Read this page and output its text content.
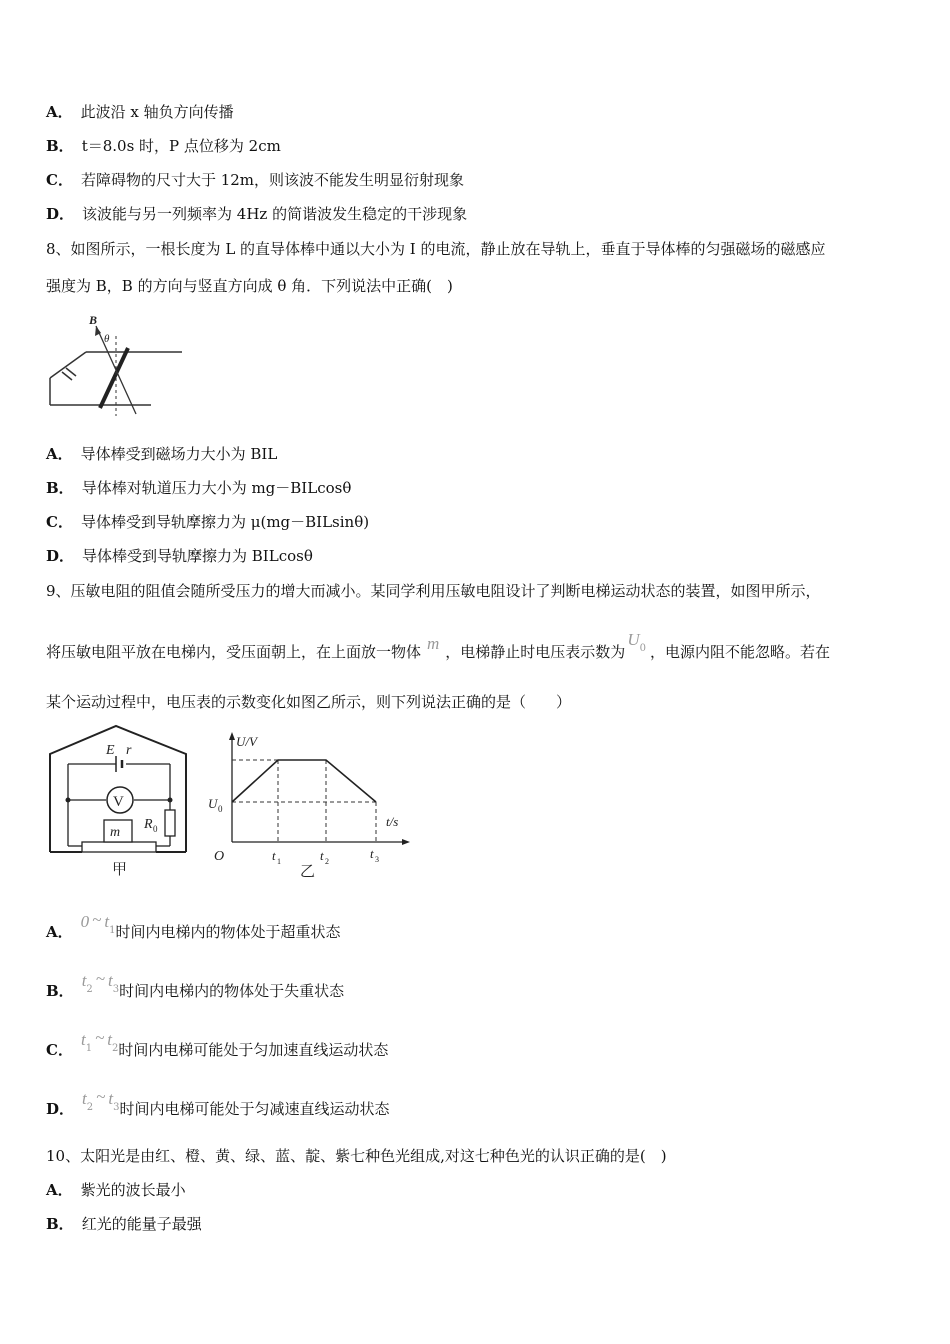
A． 此波沿 x 轴负方向传播
B． t＝8.0s 时，P 点位移为 2cm
C． 若障碍物的尺寸大于 12m，则该波不能发生明显衍射现象
D． 该波能与另一列频率为 4Hz 的简谐波发生稳定的干涉现象
8、如图所示，一根长度为 L 的直导体棒中通以大小为 I 的电流，静止放在导轨上，垂直于导体棒的匀强磁场的磁感应
强度为 B，B 的方向与竖直方向成 θ 角．下列说法中正确(　)
B
θ
A． 导体棒受到磁场力大小为 BIL
B． 导体棒对轨道压力大小为 mg－BILcosθ
C． 导体棒受到导轨摩擦力为 μ(mg－BILsinθ)
D． 导体棒受到导轨摩擦力为 BILcosθ
9、压敏电阻的阻值会随所受压力的增大而减小。某同学利用压敏电阻设计了判断电梯运动状态的装置，如图甲所示，
将压敏电阻平放在电梯内，受压面朝上，在上面放一物体 m ，电梯静止时电压表示数为$U^0$ ，电源内阻不能忽略。若在
某个运动过程中，电压表的示数变化如图乙所示，则下列说法正确的是（　　）
V
m
E r
R 0
甲
U/V
t/s
U 0
O	t 1	t 2
t 3
乙
A．0 ~ $t^1$时间内电梯内的物体处于超重状态
B．$t^2\sim$ $t^3$时间内电梯内的物体处于失重状态
C．$t^1\sim$ $t^2$时间内电梯可能处于匀加速直线运动状态
D．$t^2\sim$ $t^3$时间内电梯可能处于匀减速直线运动状态
10、太阳光是由红、橙、黄、绿、蓝、靛、紫七种色光组成,对这七种色光的认识正确的是(　)
A． 紫光的波长最小
B． 红光的能量子最强
